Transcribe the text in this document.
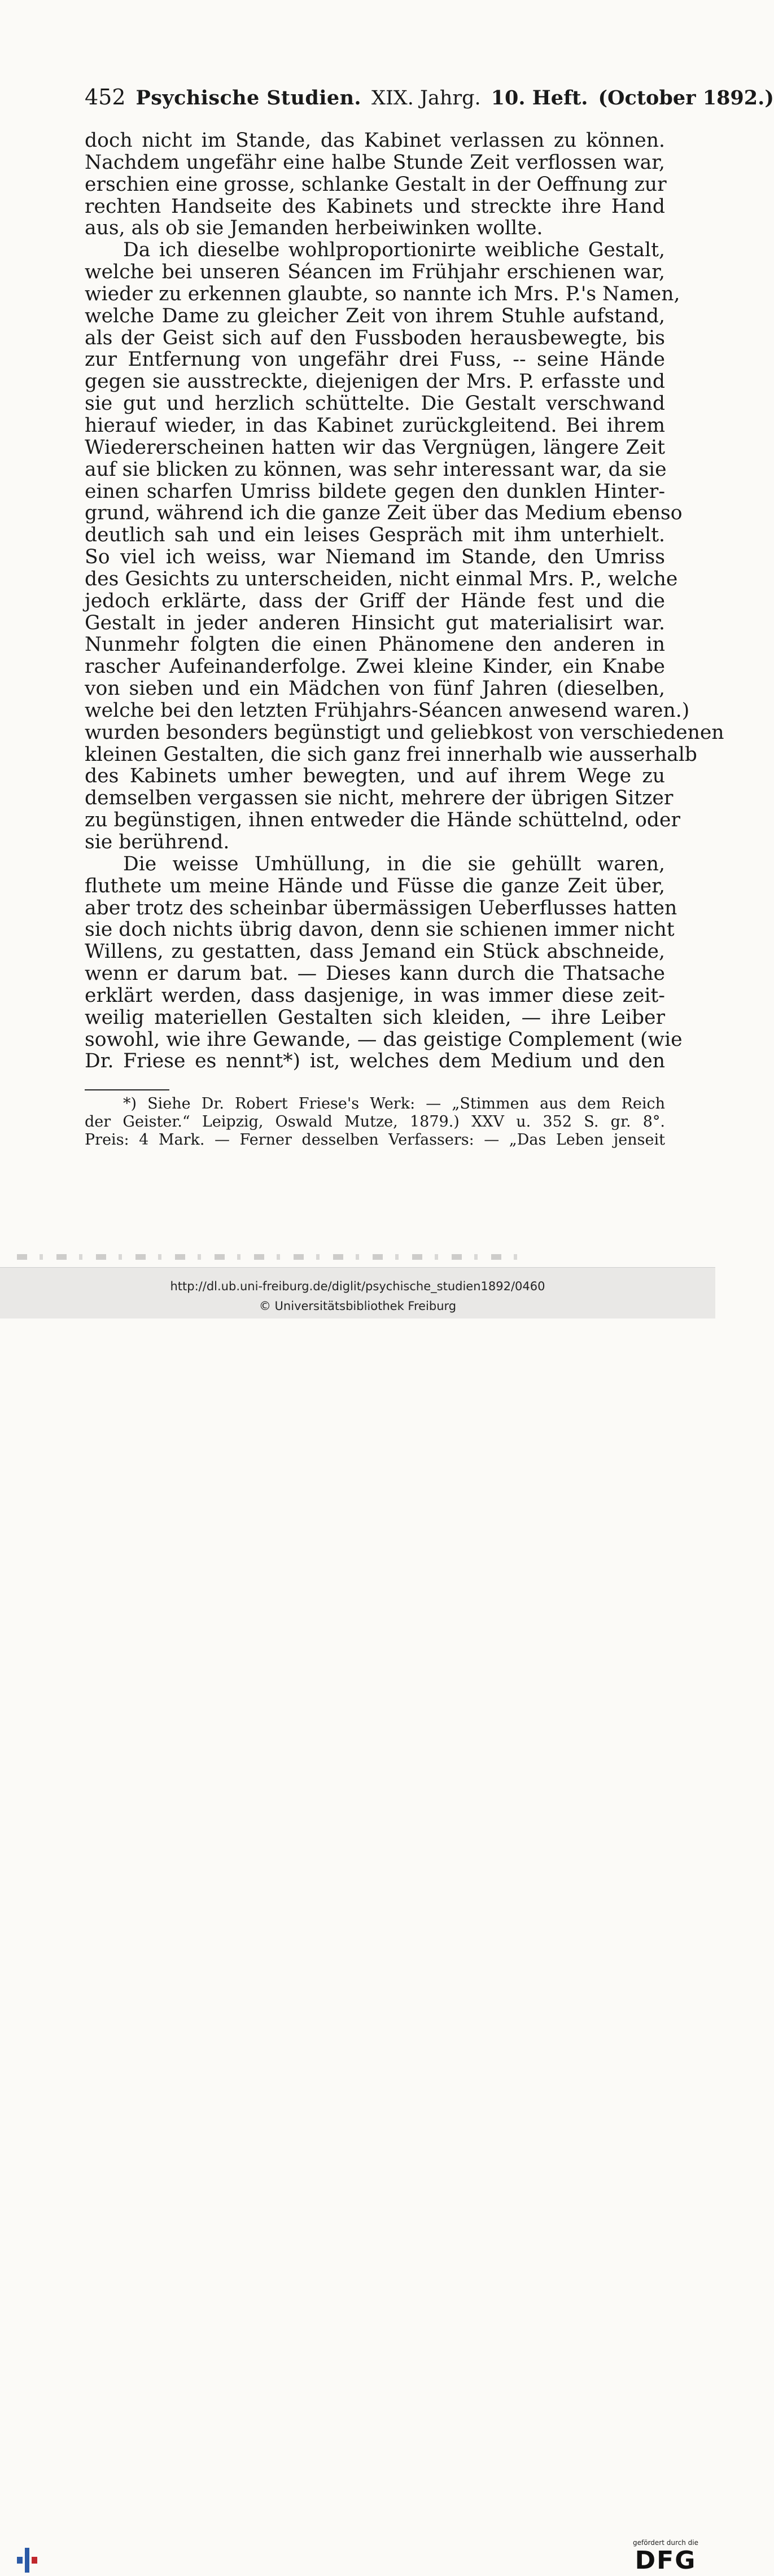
452 Psychische Studien. XIX. Jahrg. 10. Heft. (October 1892.)
doch nicht im Stande, das Kabinet verlassen zu können.
Nachdem ungefähr eine halbe Stunde Zeit verflossen war,
erschien eine grosse, schlanke Gestalt in der Oeffnung zur
rechten Handseite des Kabinets und streckte ihre Hand
aus, als ob sie Jemanden herbeiwinken wollte.
Da ich dieselbe wohlproportionirte weibliche Gestalt,
welche bei unseren Séancen im Frühjahr erschienen war,
wieder zu erkennen glaubte, so nannte ich Mrs. P.'s Namen,
welche Dame zu gleicher Zeit von ihrem Stuhle aufstand,
als der Geist sich auf den Fussboden herausbewegte, bis
zur Entfernung von ungefähr drei Fuss, -- seine Hände
gegen sie ausstreckte, diejenigen der Mrs. P. erfasste und
sie gut und herzlich schüttelte. Die Gestalt verschwand
hierauf wieder, in das Kabinet zurückgleitend. Bei ihrem
Wiedererscheinen hatten wir das Vergnügen, längere Zeit
auf sie blicken zu können, was sehr interessant war, da sie
einen scharfen Umriss bildete gegen den dunklen Hinter-
grund, während ich die ganze Zeit über das Medium ebenso
deutlich sah und ein leises Gespräch mit ihm unterhielt.
So viel ich weiss, war Niemand im Stande, den Umriss
des Gesichts zu unterscheiden, nicht einmal Mrs. P., welche
jedoch erklärte, dass der Griff der Hände fest und die
Gestalt in jeder anderen Hinsicht gut materialisirt war.
Nunmehr folgten die einen Phänomene den anderen in
rascher Aufeinanderfolge. Zwei kleine Kinder, ein Knabe
von sieben und ein Mädchen von fünf Jahren (dieselben,
welche bei den letzten Frühjahrs-Séancen anwesend waren.)
wurden besonders begünstigt und geliebkost von verschiedenen
kleinen Gestalten, die sich ganz frei innerhalb wie ausserhalb
des Kabinets umher bewegten, und auf ihrem Wege zu
demselben vergassen sie nicht, mehrere der übrigen Sitzer
zu begünstigen, ihnen entweder die Hände schüttelnd, oder
sie berührend.
Die weisse Umhüllung, in die sie gehüllt waren,
fluthete um meine Hände und Füsse die ganze Zeit über,
aber trotz des scheinbar übermässigen Ueberflusses hatten
sie doch nichts übrig davon, denn sie schienen immer nicht
Willens, zu gestatten, dass Jemand ein Stück abschneide,
wenn er darum bat. — Dieses kann durch die Thatsache
erklärt werden, dass dasjenige, in was immer diese zeit-
weilig materiellen Gestalten sich kleiden, — ihre Leiber
sowohl, wie ihre Gewande, — das geistige Complement (wie
Dr. Friese es nennt*) ist, welches dem Medium und den
*) Siehe Dr. Robert Friese's Werk: — „Stimmen aus dem Reich
der Geister.“ Leipzig, Oswald Mutze, 1879.) XXV u. 352 S. gr. 8°.
Preis: 4 Mark. — Ferner desselben Verfassers: — „Das Leben jenseit
gefördert durch die
DFG
http://dl.ub.uni-freiburg.de/diglit/psychische_studien1892/0460
© Universitätsbibliothek Freiburg
